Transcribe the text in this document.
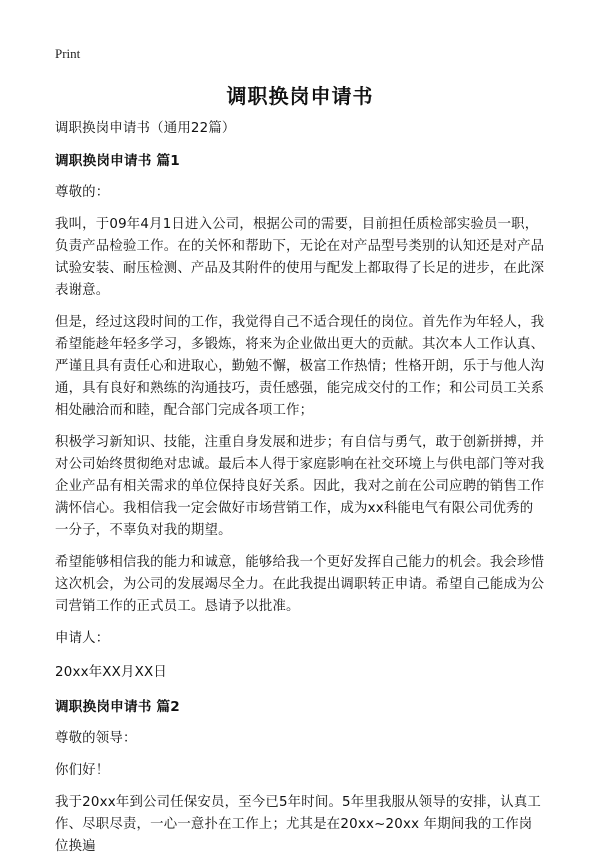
Print
调职换岗申请书

调职换岗申请书（通用22篇）

调职换岗申请书 篇1

尊敬的：

我叫，于09年4月1日进入公司，根据公司的需要，目前担任质检部实验员一职，负责产品检验工作。在的关怀和帮助下，无论在对产品型号类别的认知还是对产品试验安装、耐压检测、产品及其附件的使用与配发上都取得了长足的进步，在此深表谢意。

但是，经过这段时间的工作，我觉得自己不适合现任的岗位。首先作为年轻人，我希望能趁年轻多学习，多锻炼，将来为企业做出更大的贡献。其次本人工作认真、严谨且具有责任心和进取心，勤勉不懈，极富工作热情；性格开朗，乐于与他人沟通，具有良好和熟练的沟通技巧，责任感强，能完成交付的工作；和公司员工关系相处融洽而和睦，配合部门完成各项工作；

积极学习新知识、技能，注重自身发展和进步；有自信与勇气，敢于创新拼搏，并对公司始终贯彻绝对忠诚。最后本人得于家庭影响在社交环境上与供电部门等对我企业产品有相关需求的单位保持良好关系。因此，我对之前在公司应聘的销售工作满怀信心。我相信我一定会做好市场营销工作，成为xx科能电气有限公司优秀的一分子，不辜负对我的期望。

希望能够相信我的能力和诚意，能够给我一个更好发挥自己能力的机会。我会珍惜这次机会，为公司的发展竭尽全力。在此我提出调职转正申请。希望自己能成为公司营销工作的正式员工。恳请予以批准。

申请人：

20xx年XX月XX日

调职换岗申请书 篇2

尊敬的领导：

你们好！

我于20xx年到公司任保安员，至今已5年时间。5年里我服从领导的安排，认真工作、尽职尽责，一心一意扑在工作上；尤其是在20xx~20xx 年期间我的工作岗位换遍
